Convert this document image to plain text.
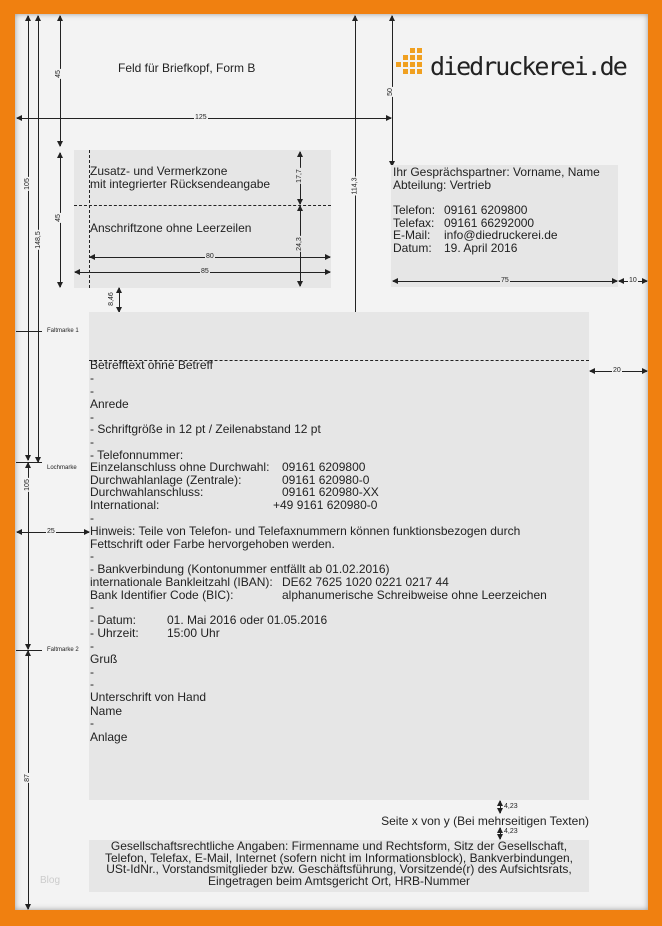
Feld für Briefkopf, Form B	diedruckerei.de
105
148,5
45
45
114,3
50
125
Zusatz- und Vermerkzone
mit integrierter Rücksendeangabe
Anschriftzone ohne Leerzeilen
17,7
24,3
80
85
8,46
Ihr Gesprächspartner: Vorname, Name
Abteilung: Vertrieb
Telefon: 09161 6209800
Telefax: 09161 66292000
E-Mail: info@diedruckerei.de
Datum: 19. April 2016
75	10
20
25
Faltmarke 1
Lochmarke
Faltmarke 2
105
87
Betrefftext ohne Betreff
-
-
Anrede
-
- Schriftgröße in 12 pt / Zeilenabstand 12 pt
-
- Telefonnummer:
Einzelanschluss ohne Durchwahl: 09161 6209800
Durchwahlanlage (Zentrale):	09161 620980-0
Durchwahlanschluss:	09161 620980-XX
International:	+49 9161 620980-0
-
Hinweis: Teile von Telefon- und Telefaxnummern können funktionsbezogen durch
Fettschrift oder Farbe hervorgehoben werden.
-
- Bankverbindung (Kontonummer entfällt ab 01.02.2016)
internationale Bankleitzahl (IBAN): DE62 7625 1020 0221 0217 44
Bank Identifier Code (BIC):	alphanumerische Schreibweise ohne Leerzeichen
-
- Datum:	01. Mai 2016 oder 01.05.2016
- Uhrzeit: 15:00 Uhr
-
Gruß
-
-
Unterschrift von Hand
Name
-
Anlage
4,23
Seite x von y (Bei mehrseitigen Texten)
4,23
Gesellschaftsrechtliche Angaben: Firmenname und Rechtsform, Sitz der Gesellschaft,
Telefon, Telefax, E-Mail, Internet (sofern nicht im Informationsblock), Bankverbindungen,
USt-IdNr., Vorstandsmitglieder bzw. Geschäftsführung, Vorsitzende(r) des Aufsichtsrats,
Eingetragen beim Amtsgericht Ort, HRB-Nummer
Blog
